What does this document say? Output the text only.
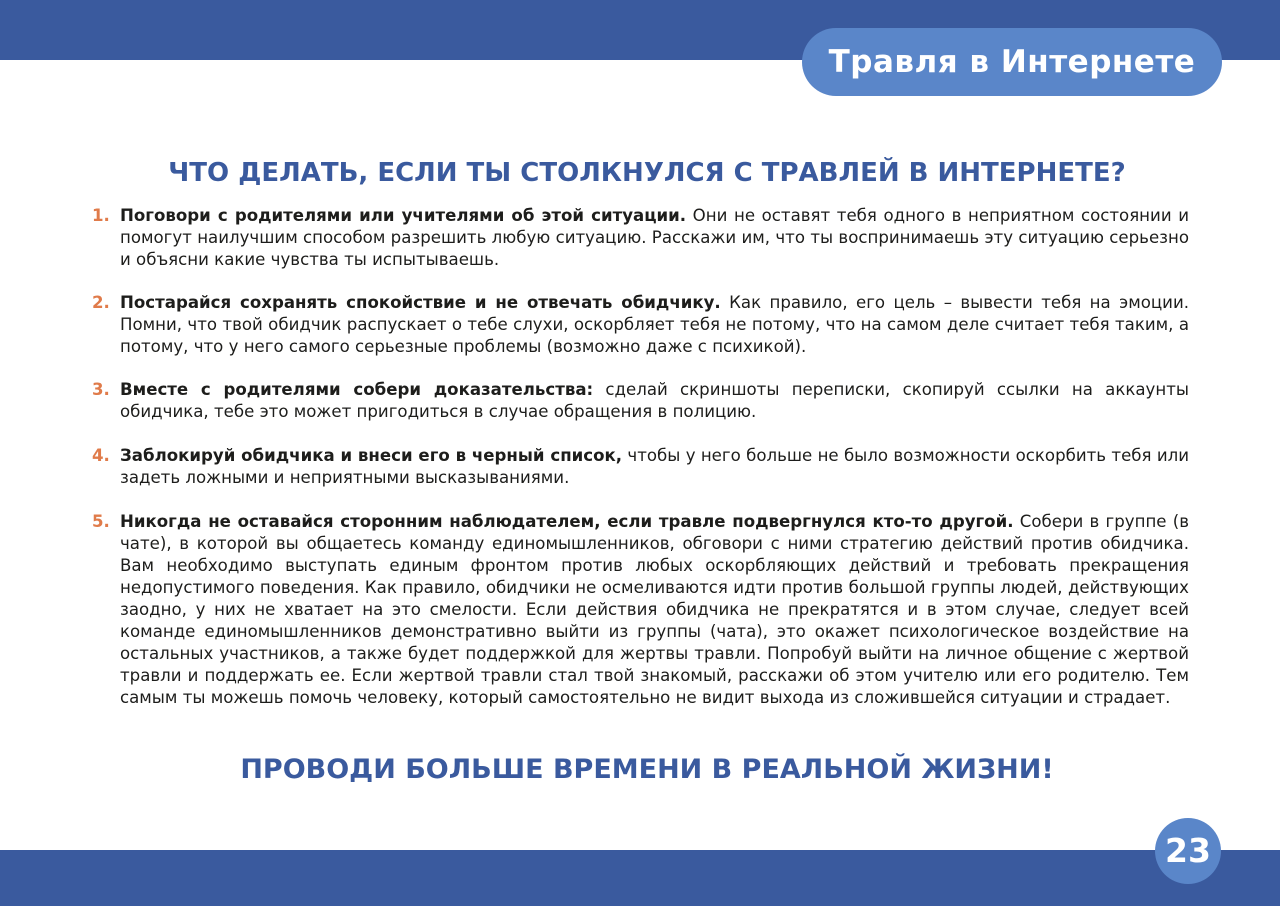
Травля в Интернете
ЧТО ДЕЛАТЬ, ЕСЛИ ТЫ СТОЛКНУЛСЯ С ТРАВЛЕЙ В ИНТЕРНЕТЕ?
1. Поговори с родителями или учителями об этой ситуации. Они не оставят тебя одного в неприятном состоянии и помогут наилучшим способом разрешить любую ситуацию. Расскажи им, что ты воспринимаешь эту ситуацию серьезно и объясни какие чувства ты испытываешь.
2. Постарайся сохранять спокойствие и не отвечать обидчику. Как правило, его цель – вывести тебя на эмоции. Помни, что твой обидчик распускает о тебе слухи, оскорбляет тебя не потому, что на самом деле считает тебя таким, а потому, что у него самого серьезные проблемы (возможно даже с психикой).
3. Вместе с родителями собери доказательства: сделай скриншоты переписки, скопируй ссылки на аккаунты обидчика, тебе это может пригодиться в случае обращения в полицию.
4. Заблокируй обидчика и внеси его в черный список, чтобы у него больше не было возможности оскорбить тебя или задеть ложными и неприятными высказываниями.
5. Никогда не оставайся сторонним наблюдателем, если травле подвергнулся кто-то другой. Собери в группе (в чате), в которой вы общаетесь команду единомышленников, обговори с ними стратегию действий против обидчика. Вам необходимо выступать единым фронтом против любых оскорбляющих действий и требовать прекращения недопустимого поведения. Как правило, обидчики не осмеливаются идти против большой группы людей, действующих заодно, у них не хватает на это смелости. Если действия обидчика не прекратятся и в этом случае, следует всей команде единомышленников демонстративно выйти из группы (чата), это окажет психологическое воздействие на остальных участников, а также будет поддержкой для жертвы травли. Попробуй выйти на личное общение с жертвой травли и поддержать ее. Если жертвой травли стал твой знакомый, расскажи об этом учителю или его родителю. Тем самым ты можешь помочь человеку, который самостоятельно не видит выхода из сложившейся ситуации и страдает.
ПРОВОДИ БОЛЬШЕ ВРЕМЕНИ В РЕАЛЬНОЙ ЖИЗНИ!
23
